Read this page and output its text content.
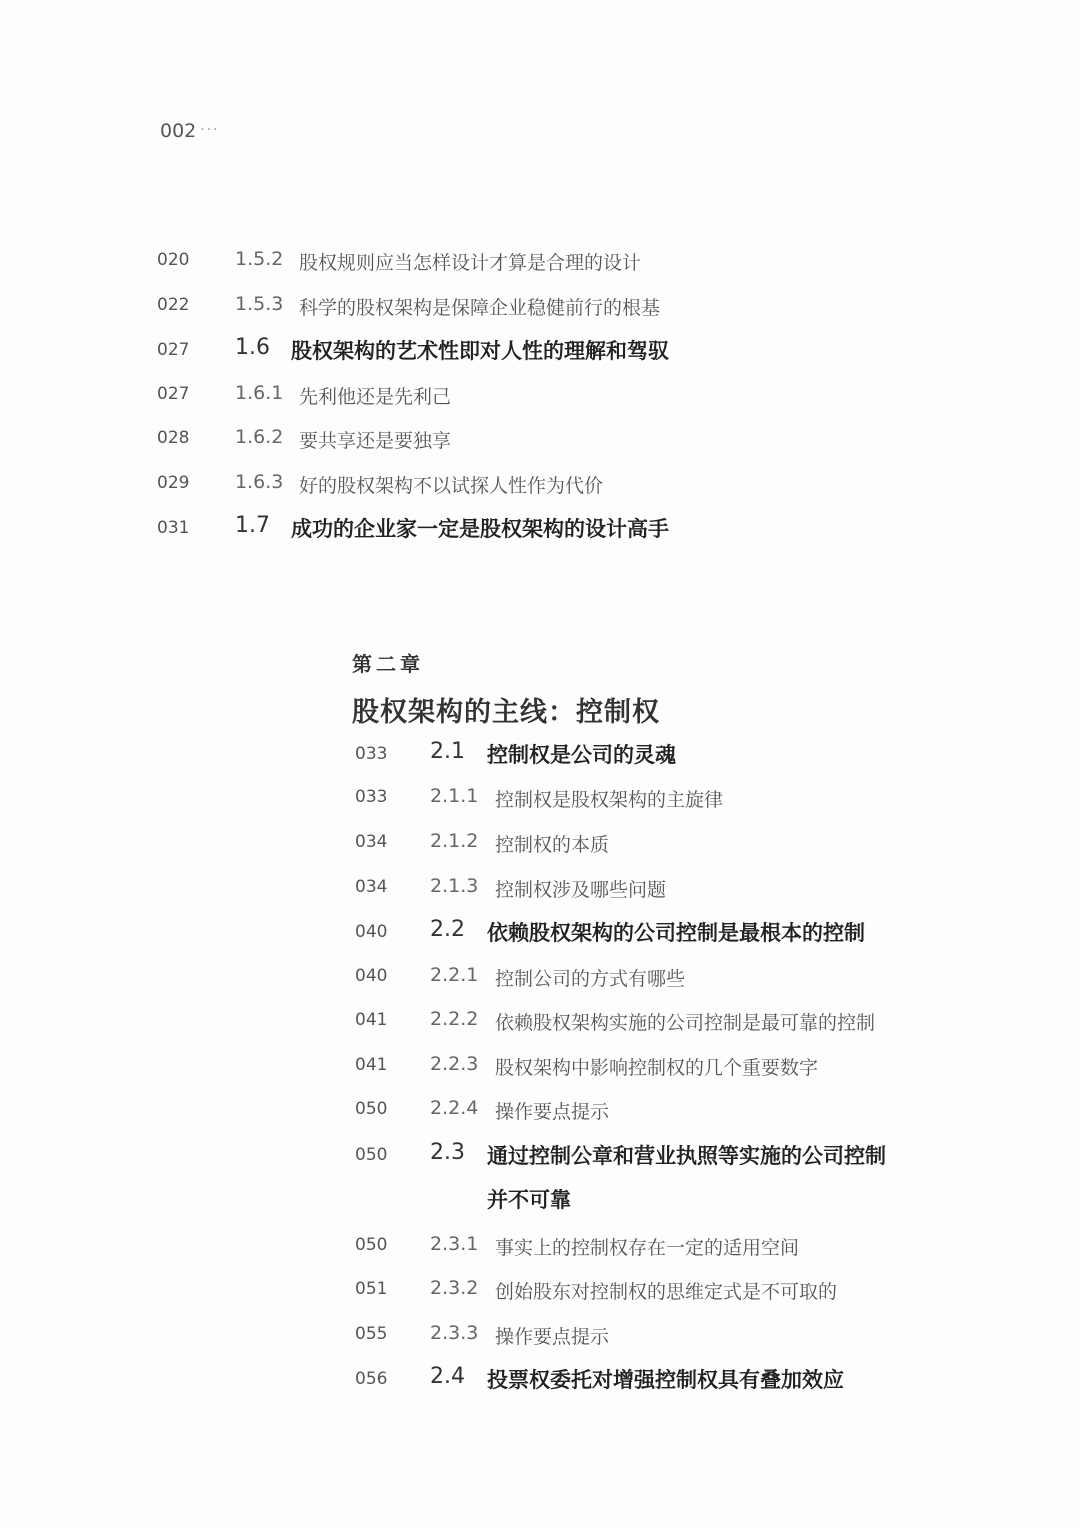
002 ···
020 1.5.2 股权规则应当怎样设计才算是合理的设计
022 1.5.3 科学的股权架构是保障企业稳健前行的根基
027 1.6 股权架构的艺术性即对人性的理解和驾驭
027 1.6.1 先利他还是先利己
028 1.6.2 要共享还是要独享
029 1.6.3 好的股权架构不以试探人性作为代价
031 1.7 成功的企业家一定是股权架构的设计高手
第二章
股权架构的主线：控制权
033 2.1 控制权是公司的灵魂
033 2.1.1 控制权是股权架构的主旋律
034 2.1.2 控制权的本质
034 2.1.3 控制权涉及哪些问题
040 2.2 依赖股权架构的公司控制是最根本的控制
040 2.2.1 控制公司的方式有哪些
041 2.2.2 依赖股权架构实施的公司控制是最可靠的控制
041 2.2.3 股权架构中影响控制权的几个重要数字
050 2.2.4 操作要点提示
050 2.3 通过控制公章和营业执照等实施的公司控制
并不可靠
050 2.3.1 事实上的控制权存在一定的适用空间
051 2.3.2 创始股东对控制权的思维定式是不可取的
055 2.3.3 操作要点提示
056 2.4 投票权委托对增强控制权具有叠加效应
